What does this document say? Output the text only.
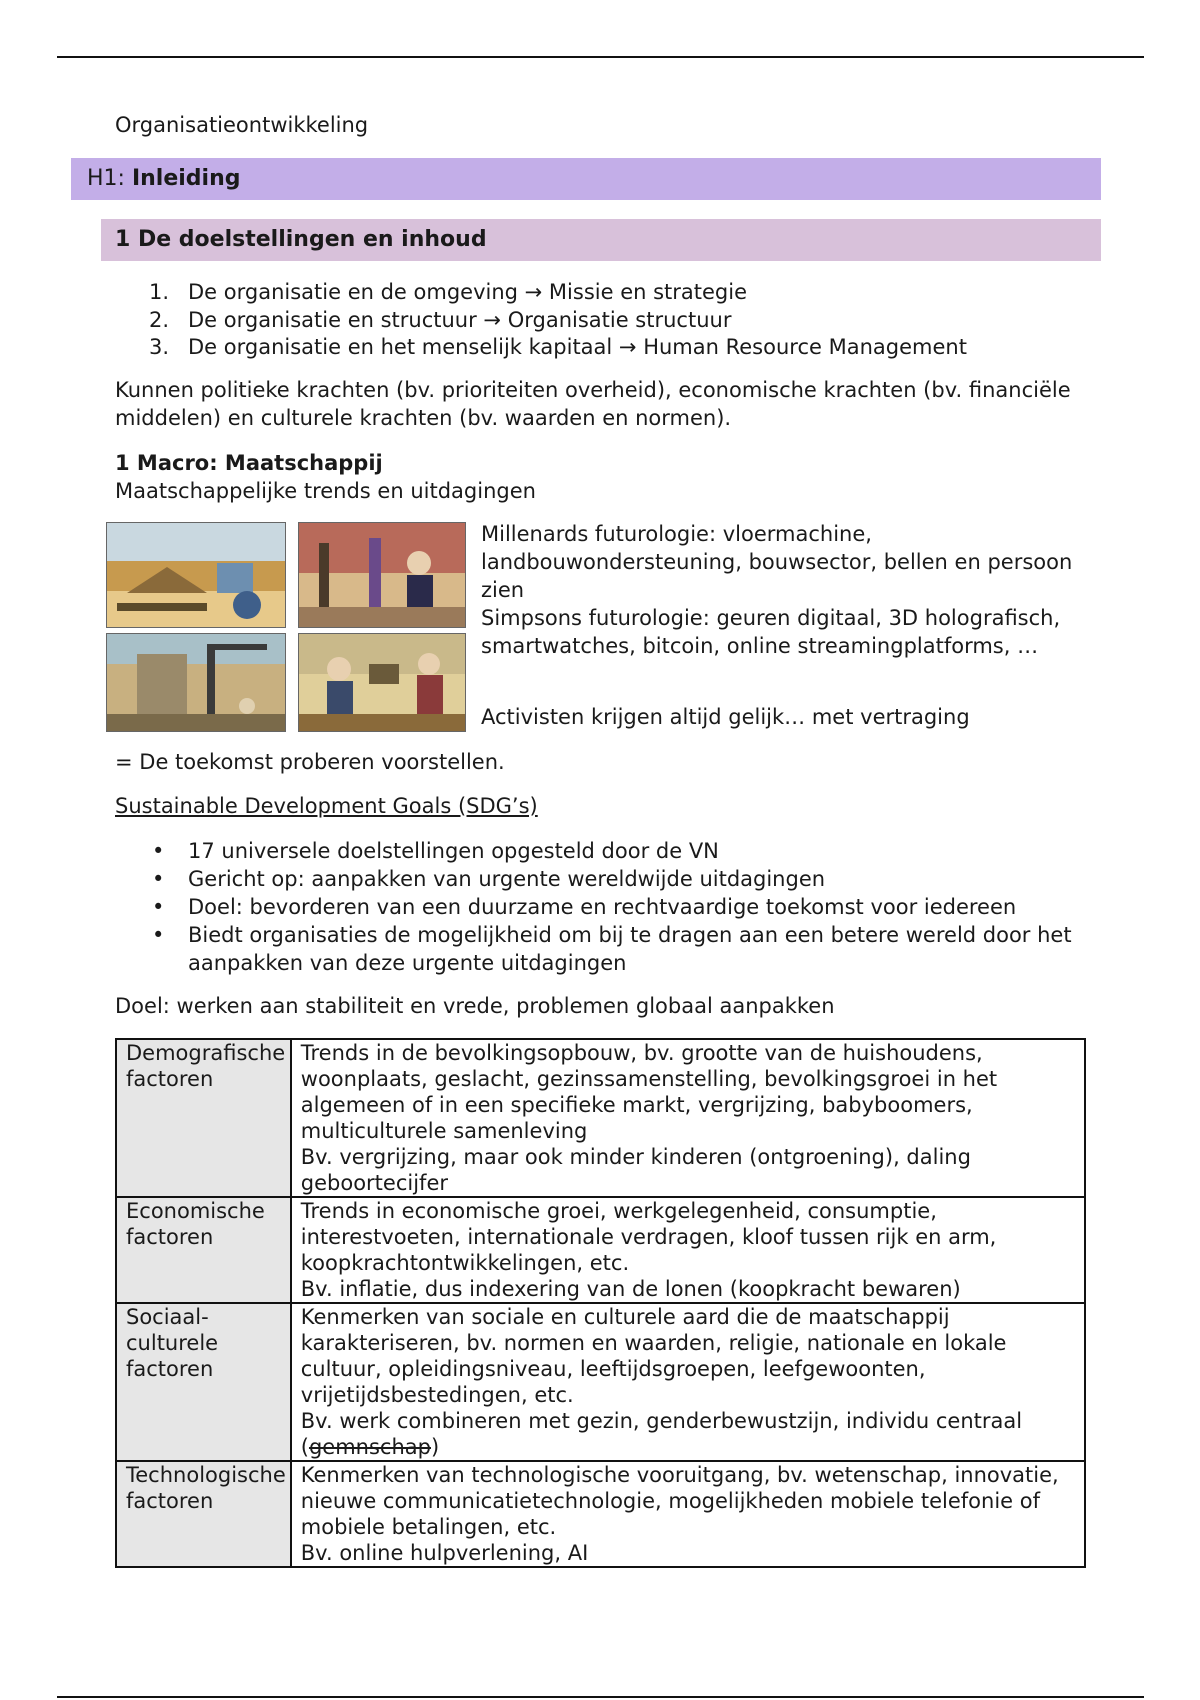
Organisatieontwikkeling
H1: Inleiding
1 De doelstellingen en inhoud
1. De organisatie en de omgeving → Missie en strategie
2. De organisatie en structuur → Organisatie structuur
3. De organisatie en het menselijk kapitaal → Human Resource Management

Kunnen politieke krachten (bv. prioriteiten overheid), economische krachten (bv. financiële middelen) en culturele krachten (bv. waarden en normen).

1 Macro: Maatschappij

Maatschappelijke trends en uitdagingen

Millenards futurologie: vloermachine, landbouwondersteuning, bouwsector, bellen en persoon zien
Simpsons futurologie: geuren digitaal, 3D holografisch, smartwatches, bitcoin, online streamingplatforms, …
Activisten krijgen altijd gelijk… met vertraging

= De toekomst proberen voorstellen.

Sustainable Development Goals (SDG’s)

• 17 universele doelstellingen opgesteld door de VN
• Gericht op: aanpakken van urgente wereldwijde uitdagingen
• Doel: bevorderen van een duurzame en rechtvaardige toekomst voor iedereen
• Biedt organisaties de mogelijkheid om bij te dragen aan een betere wereld door het aanpakken van deze urgente uitdagingen

Doel: werken aan stabiliteit en vrede, problemen globaal aanpakken

Demografische factoren	Trends in de bevolkingsopbouw, bv. grootte van de huishoudens, woonplaats, geslacht, gezinssamenstelling, bevolkingsgroei in het algemeen of in een specifieke markt, vergrijzing, babyboomers, multiculturele samenleving
Bv. vergrijzing, maar ook minder kinderen (ontgroening), daling geboortecijfer

Economische factoren	Trends in economische groei, werkgelegenheid, consumptie, interestvoeten, internationale verdragen, kloof tussen rijk en arm, koopkrachtontwikkelingen, etc.
Bv. inflatie, dus indexering van de lonen (koopkracht bewaren)

Sociaal-culturele factoren	Kenmerken van sociale en culturele aard die de maatschappij karakteriseren, bv. normen en waarden, religie, nationale en lokale cultuur, opleidingsniveau, leeftijdsgroepen, leefgewoonten, vrijetijdsbestedingen, etc.
Bv. werk combineren met gezin, genderbewustzijn, individu centraal (gemnschap)

Technologische factoren	Kenmerken van technologische vooruitgang, bv. wetenschap, innovatie, nieuwe communicatietechnologie, mogelijkheden mobiele telefonie of mobiele betalingen, etc.
Bv. online hulpverlening, AI
